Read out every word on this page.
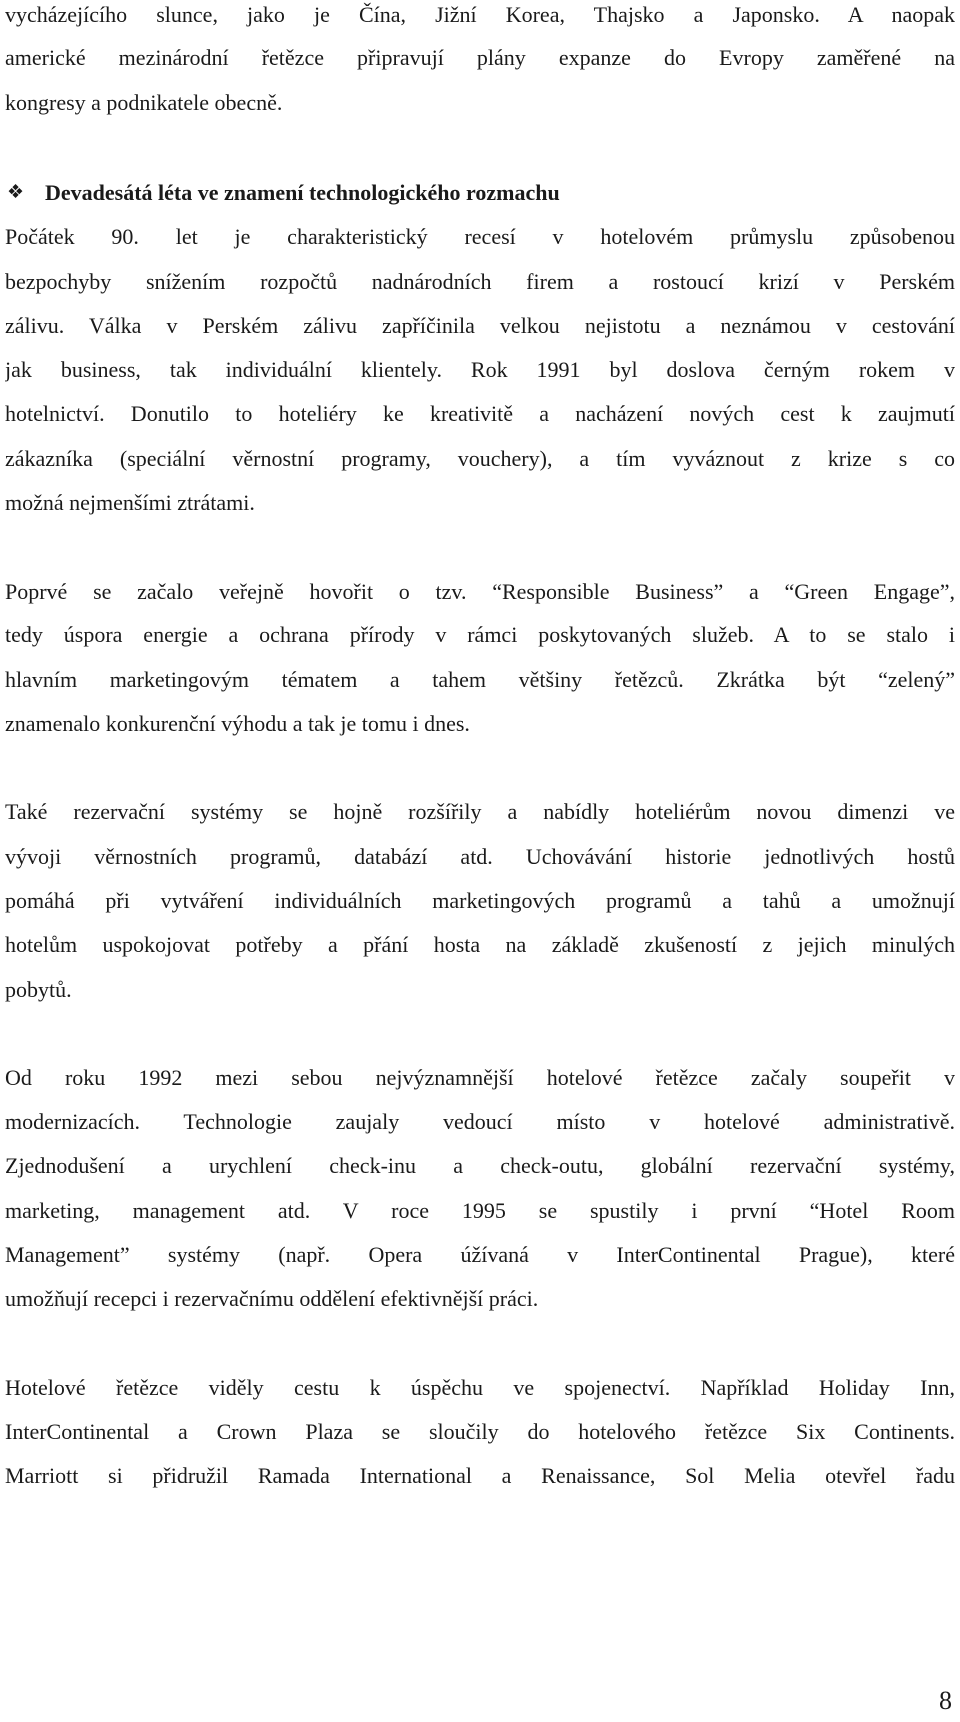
vycházejícího slunce, jako je Čína, Jižní Korea, Thajsko a Japonsko. A naopak
americké mezinárodní řetězce připravují plány expanze do Evropy zaměřené na
kongresy a podnikatele obecně.
❖ Devadesátá léta ve znamení technologického rozmachu
Počátek 90. let je charakteristický recesí v hotelovém průmyslu způsobenou
bezpochyby snížením rozpočtů nadnárodních firem a rostoucí krizí v Perském
zálivu. Válka v Perském zálivu zapříčinila velkou nejistotu a neznámou v cestování
jak business, tak individuální klientely. Rok 1991 byl doslova černým rokem v
hotelnictví. Donutilo to hoteliéry ke kreativitě a nacházení nových cest k zaujmutí
zákazníka (speciální věrnostní programy, vouchery), a tím vyváznout z krize s co
možná nejmenšími ztrátami.
Poprvé se začalo veřejně hovořit o tzv. “Responsible Business” a “Green Engage”,
tedy úspora energie a ochrana přírody v rámci poskytovaných služeb. A to se stalo i
hlavním marketingovým tématem a tahem většiny řetězců. Zkrátka být “zelený”
znamenalo konkurenční výhodu a tak je tomu i dnes.
Také rezervační systémy se hojně rozšířily a nabídly hoteliérům novou dimenzi ve
vývoji věrnostních programů, databází atd. Uchovávání historie jednotlivých hostů
pomáhá při vytváření individuálních marketingových programů a tahů a umožnují
hotelům uspokojovat potřeby a přání hosta na základě zkušeností z jejich minulých
pobytů.
Od roku 1992 mezi sebou nejvýznamnější hotelové řetězce začaly soupeřit v
modernizacích. Technologie zaujaly vedoucí místo v hotelové administrativě.
Zjednodušení a urychlení check-inu a check-outu, globální rezervační systémy,
marketing, management atd. V roce 1995 se spustily i první “Hotel Room
Management” systémy (např. Opera úžívaná v InterContinental Prague), které
umožňují recepci i rezervačnímu oddělení efektivnější práci.
Hotelové řetězce viděly cestu k úspěchu ve spojenectví. Například Holiday Inn,
InterContinental a Crown Plaza se sloučily do hotelového řetězce Six Continents.
Marriott si přidružil Ramada International a Renaissance, Sol Melia otevřel řadu
8
